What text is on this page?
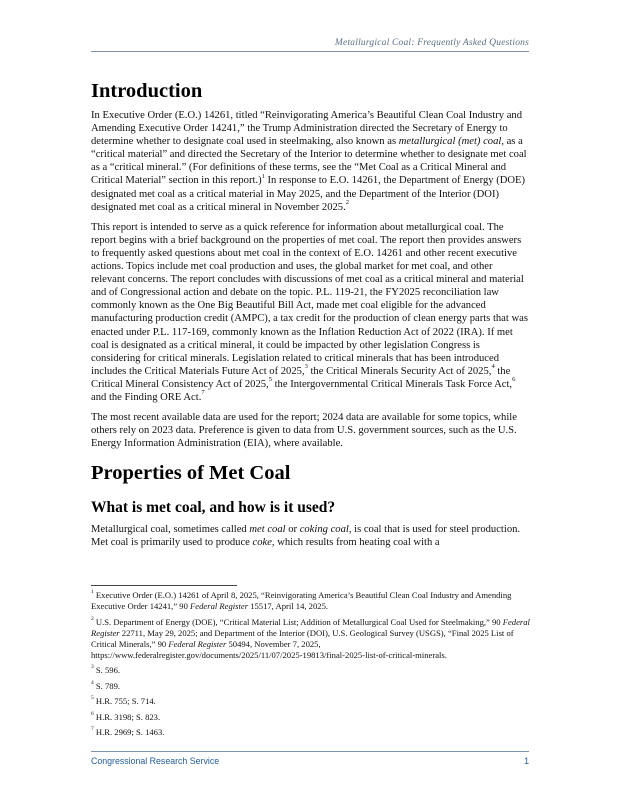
Metallurgical Coal: Frequently Asked Questions
Introduction

In Executive Order (E.O.) 14261, titled “Reinvigorating America’s Beautiful Clean Coal Industry and Amending Executive Order 14241,” the Trump Administration directed the Secretary of Energy to determine whether to designate coal used in steelmaking, also known as metallurgical (met) coal, as a “critical material” and directed the Secretary of the Interior to determine whether to designate met coal as a “critical mineral.” (For definitions of these terms, see the “Met Coal as a Critical Mineral and Critical Material” section in this report.)$^1$ In response to E.O. 14261, the Department of Energy (DOE) designated met coal as a critical material in May 2025, and the Department of the Interior (DOI) designated met coal as a critical mineral in November 2025.$^2$

This report is intended to serve as a quick reference for information about metallurgical coal. The report begins with a brief background on the properties of met coal. The report then provides answers to frequently asked questions about met coal in the context of E.O. 14261 and other recent executive actions. Topics include met coal production and uses, the global market for met coal, and other relevant concerns. The report concludes with discussions of met coal as a critical mineral and material and of Congressional action and debate on the topic. P.L. 119-21, the FY2025 reconciliation law commonly known as the One Big Beautiful Bill Act, made met coal eligible for the advanced manufacturing production credit (AMPC), a tax credit for the production of clean energy parts that was enacted under P.L. 117-169, commonly known as the Inflation Reduction Act of 2022 (IRA). If met coal is designated as a critical mineral, it could be impacted by other legislation Congress is considering for critical minerals. Legislation related to critical minerals that has been introduced includes the Critical Materials Future Act of 2025,$^3$ the Critical Minerals Security Act of 2025,$^4$ the Critical Mineral Consistency Act of 2025,$^5$ the Intergovernmental Critical Minerals Task Force Act,$^6$ and the Finding ORE Act.$^7$

The most recent available data are used for the report; 2024 data are available for some topics, while others rely on 2023 data. Preference is given to data from U.S. government sources, such as the U.S. Energy Information Administration (EIA), where available.

Properties of Met Coal
What is met coal, and how is it used?

Metallurgical coal, sometimes called met coal or coking coal, is coal that is used for steel production. Met coal is primarily used to produce coke, which results from heating coal with a

$^1$ Executive Order (E.O.) 14261 of April 8, 2025, “Reinvigorating America’s Beautiful Clean Coal Industry and Amending Executive Order 14241,” 90 Federal Register 15517, April 14, 2025.
$^2$ U.S. Department of Energy (DOE), “Critical Material List; Addition of Metallurgical Coal Used for Steelmaking,” 90 Federal Register 22711, May 29, 2025; and Department of the Interior (DOI), U.S. Geological Survey (USGS), “Final 2025 List of Critical Minerals,” 90 Federal Register 50494, November 7, 2025, https://www.federalregister.gov/documents/2025/11/07/2025-19813/final-2025-list-of-critical-minerals.
$^3$ S. 596.
$^4$ S. 789.
$^5$ H.R. 755; S. 714.
$^6$ H.R. 3198; S. 823.
$^7$ H.R. 2969; S. 1463.
Congressional Research Service	1
